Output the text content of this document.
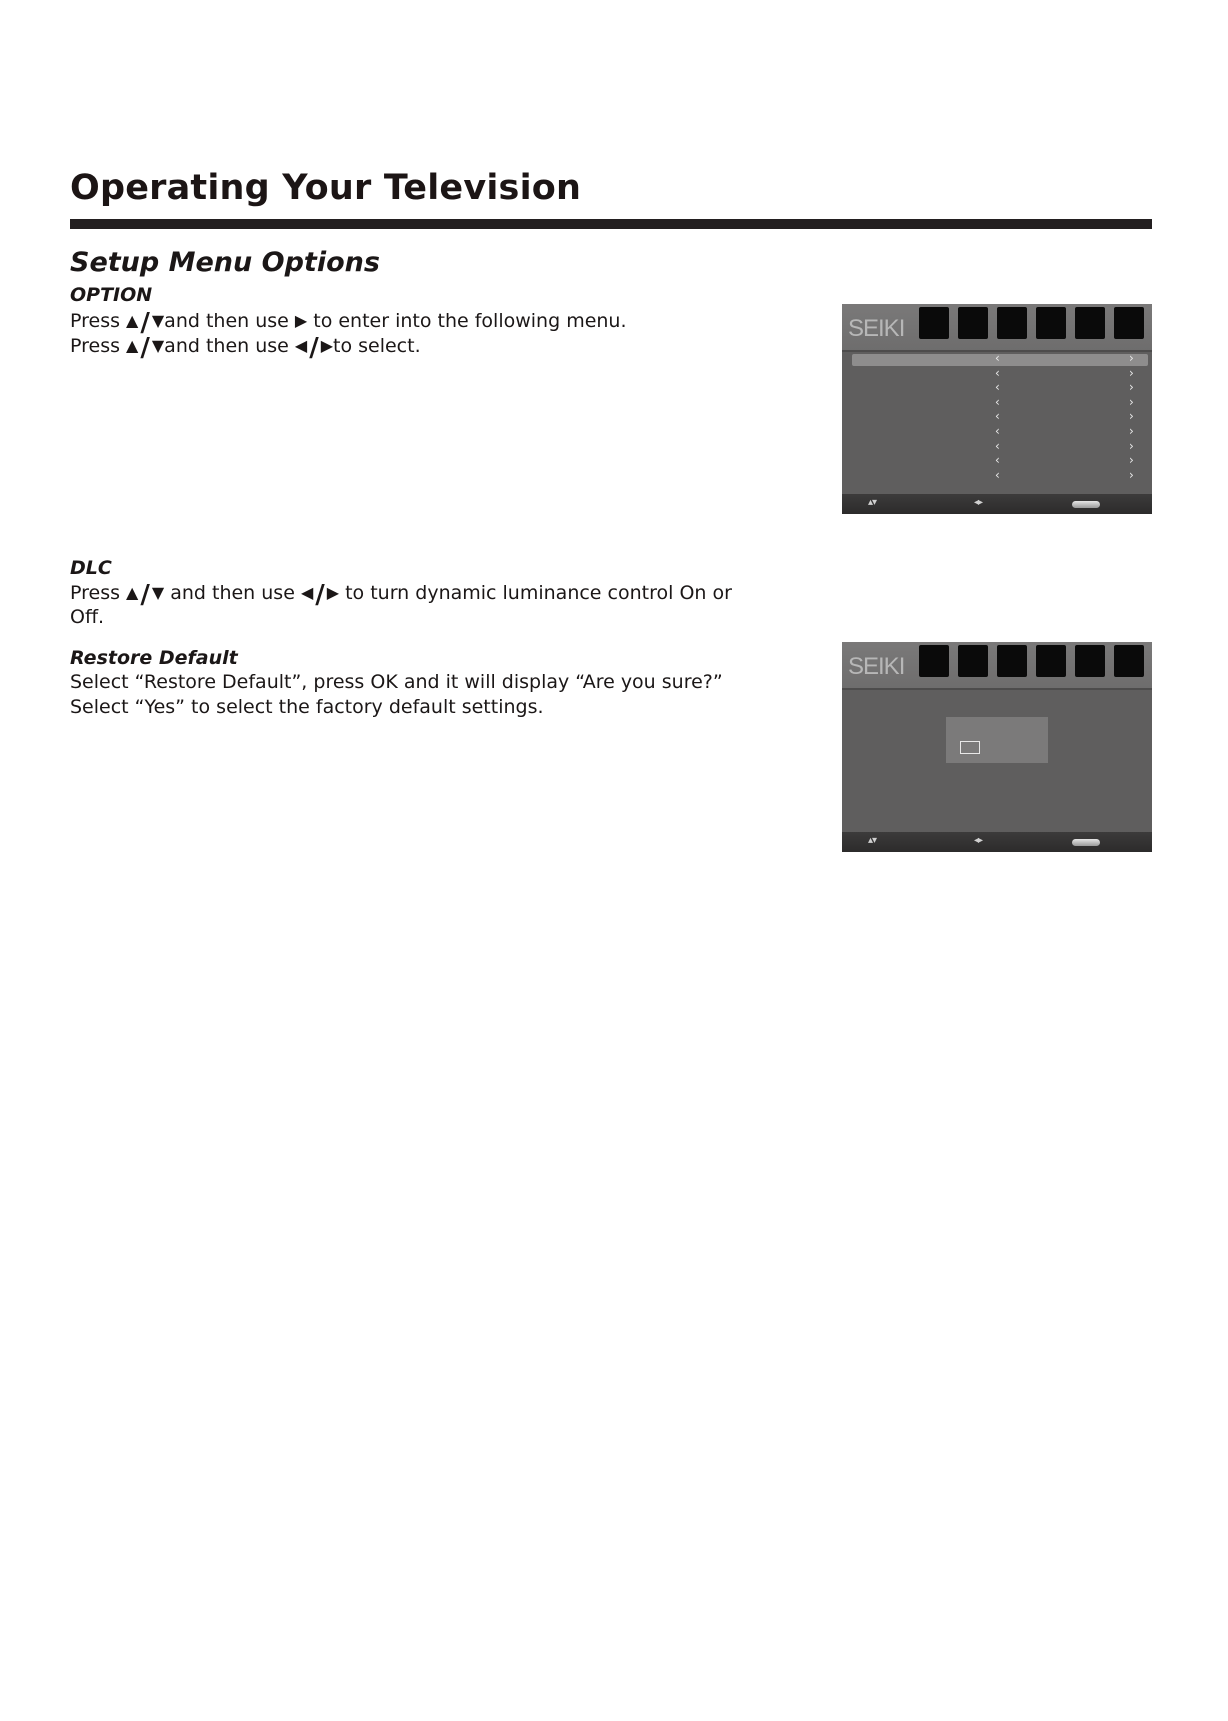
Operating Your Television
Setup Menu Options
OPTION

Press ▲/ ▼and then use ▶ to enter into the following menu.

Press ▲/ ▼and then use ◀/ ▶to select.

DLC

Press ▲/ ▼ and then use ◀/ ▶ to turn dynamic luminance control On or

Off.

Restore Default

Select “Restore Default”, press OK and it will display “Are you sure?”

Select “Yes” to select the factory default settings.

SEIKI
‹	›
‹	›
‹	›
‹	›
‹	›
‹	›
‹	›
‹	›
‹	›
▴▾	◂▸
SEIKI
▴▾	◂▸
